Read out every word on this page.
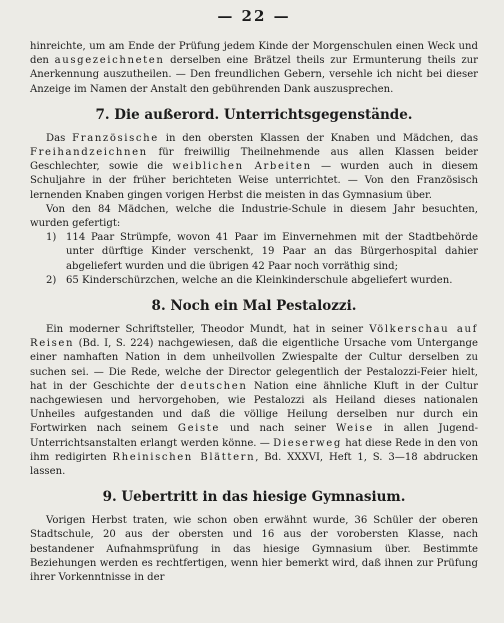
— 22 —

hinreichte, um am Ende der Prüfung jedem Kinde der Morgenschulen einen Weck und den ausgezeichneten derselben eine Brätzel theils zur Ermunterung theils zur Anerkennung auszutheilen. — Den freundlichen Gebern, versehle ich nicht bei dieser Anzeige im Namen der Anstalt den gebührenden Dank auszusprechen.

7. Die außerord. Unterrichtsgegenstände.

Das Französische in den obersten Klassen der Knaben und Mädchen, das Freihandzeichnen für freiwillig Theilnehmende aus allen Klassen beider Geschlechter, sowie die weiblichen Arbeiten — wurden auch in diesem Schuljahre in der früher berichteten Weise unterrichtet. — Von den Französisch lernenden Knaben gingen vorigen Herbst die meisten in das Gymnasium über.

Von den 84 Mädchen, welche die Industrie-Schule in diesem Jahr besuchten, wurden gefertigt:

1) 114 Paar Strümpfe, wovon 41 Paar im Einvernehmen mit der Stadtbehörde unter dürftige Kinder verschenkt, 19 Paar an das Bürgerhospital dahier abgeliefert wurden und die übrigen 42 Paar noch vorräthig sind;
2) 65 Kinderschürzchen, welche an die Kleinkinderschule abgeliefert wurden.
8. Noch ein Mal Pestalozzi.

Ein moderner Schriftsteller, Theodor Mundt, hat in seiner Völkerschau auf Reisen (Bd. I, S. 224) nachgewiesen, daß die eigentliche Ursache vom Untergange einer namhaften Nation in dem unheilvollen Zwiespalte der Cultur derselben zu suchen sei. — Die Rede, welche der Director gelegentlich der Pestalozzi-Feier hielt, hat in der Geschichte der deutschen Nation eine ähnliche Kluft in der Cultur nachgewiesen und hervorgehoben, wie Pestalozzi als Heiland dieses nationalen Unheiles aufgestanden und daß die völlige Heilung derselben nur durch ein Fortwirken nach seinem Geiste und nach seiner Weise in allen Jugend-Unterrichtsanstalten erlangt werden könne. — Dieserweg hat diese Rede in den von ihm redigirten Rheinischen Blättern, Bd. XXXVI, Heft 1, S. 3—18 abdrucken lassen.

9. Uebertritt in das hiesige Gymnasium.

Vorigen Herbst traten, wie schon oben erwähnt wurde, 36 Schüler der oberen Stadtschule, 20 aus der obersten und 16 aus der vorobersten Klasse, nach bestandener Aufnahmsprüfung in das hiesige Gymnasium über. Bestimmte Beziehungen werden es rechtfertigen, wenn hier bemerkt wird, daß ihnen zur Prüfung ihrer Vorkenntnisse in der
